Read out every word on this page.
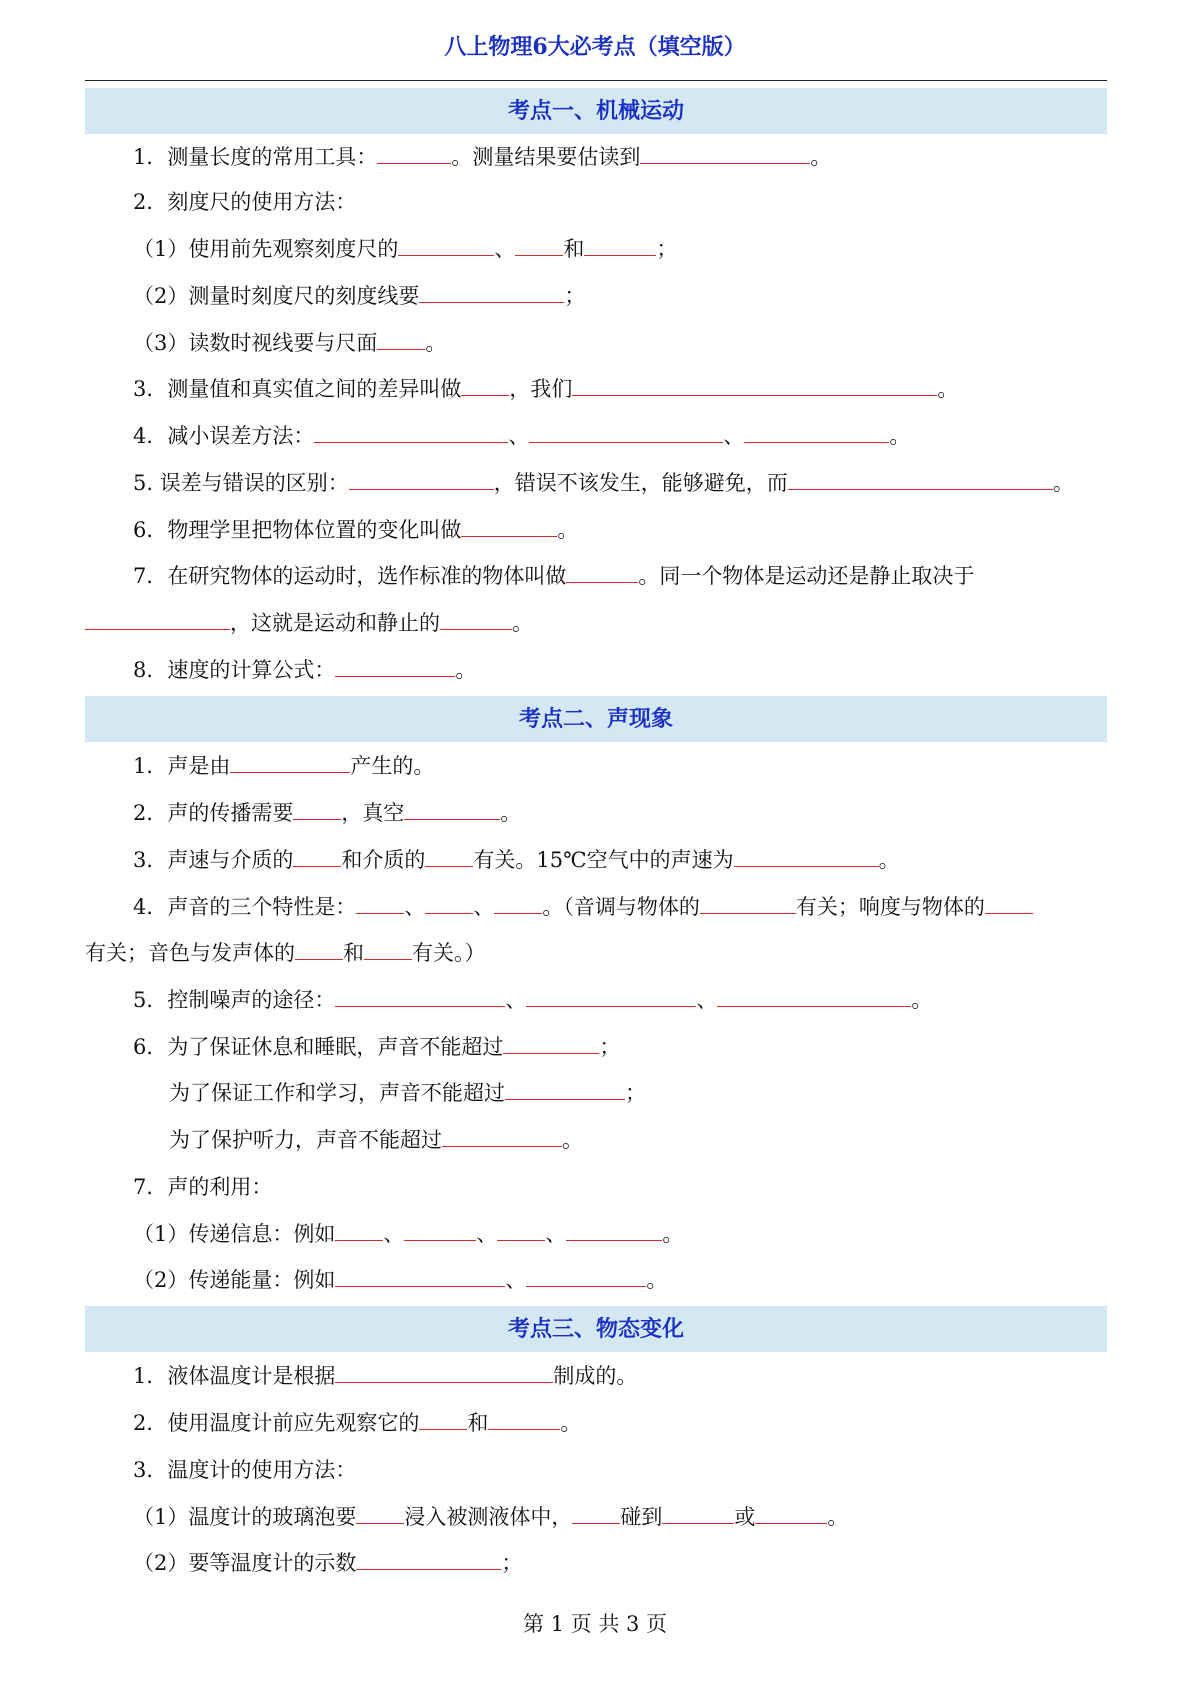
八上物理6大必考点（填空版）
考点一、机械运动
考点二、声现象
考点三、物态变化
1．测量长度的常用工具：	。测量结果要估读到	。
2．刻度尺的使用方法：
（1）使用前先观察刻度尺的	、 和	；
（2）测量时刻度尺的刻度线要	；
（3）读数时视线要与尺面 。
3．测量值和真实值之间的差异叫做 ，我们	。
4．减小误差方法：	、	、	。
5. 误差与错误的区别：	，错误不该发生，能够避免，而	。
6．物理学里把物体位置的变化叫做	。
7．在研究物体的运动时，选作标准的物体叫做	。同一个物体是运动还是静止取决于
，这就是运动和静止的	。
8．速度的计算公式：	。
1．声是由	产生的。
2．声的传播需要 ，真空	。
3．声速与介质的 和介质的 有关。15℃空气中的声速为	。
4．声音的三个特性是： 、 、 。（音调与物体的	有关；响度与物体的
有关；音色与发声体的 和 有关。）
5．控制噪声的途径：	、	、	。
6．为了保证休息和睡眠，声音不能超过	；
为了保证工作和学习，声音不能超过	；
为了保护听力，声音不能超过	。
7．声的利用：
（1）传递信息：例如 、	、 、	。
（2）传递能量：例如	、	。
1．液体温度计是根据	制成的。
2．使用温度计前应先观察它的 和	。
3．温度计的使用方法：
（1）温度计的玻璃泡要 浸入被测液体中， 碰到	或	。
（2）要等温度计的示数	；
第 1 页 共 3 页
